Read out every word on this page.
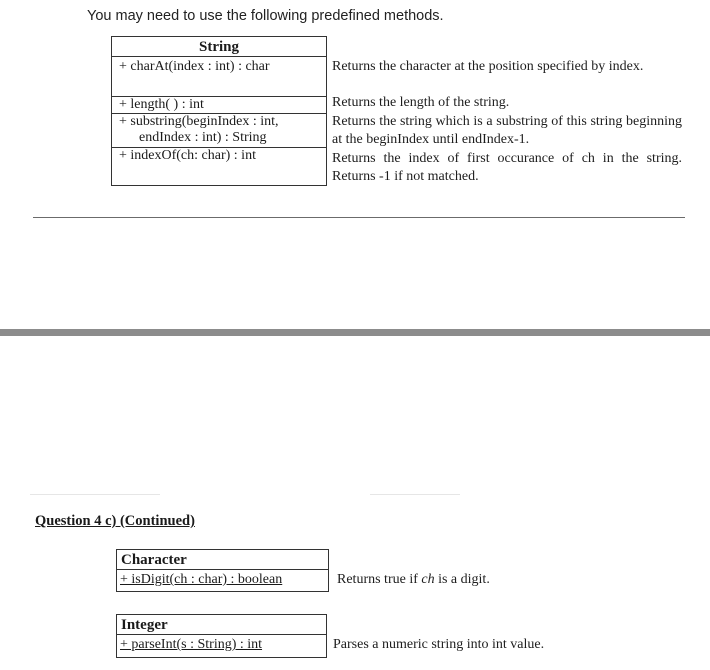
You may need to use the following predefined methods.
String
+ charAt(index : int) : char
+ length( ) : int
+ substring(beginIndex : int,
endIndex : int) : String
+ indexOf(ch: char) : int
Returns the character at the position specified by index.
Returns the length of the string.
Returns the string which is a substring of this string beginning at the beginIndex until endIndex-1.
Returns the index of first occurance of ch in the string. Returns -1 if not matched.
Question 4 c) (Continued)
Character
+ isDigit(ch : char) : boolean	Returns true if ch is a digit.
Integer
+ parseInt(s : String) : int	Parses a numeric string into int value.
